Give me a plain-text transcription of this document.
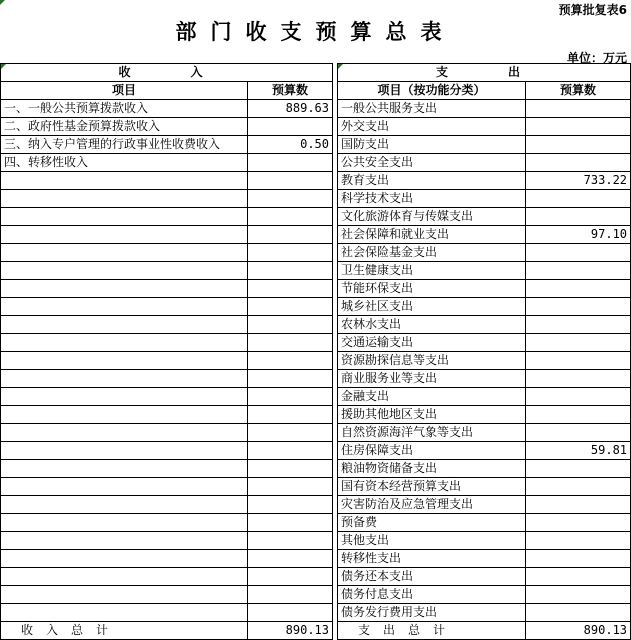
预算批复表6
部门收支预算总表
单位：万元
收　　入			支　　出	
项目	预算数		项目（按功能分类）	预算数
一、一般公共预算拨款收入	889.63		一般公共服务支出	
二、政府性基金预算拨款收入			外交支出	
三、纳入专户管理的行政事业性收费收入	0.50		国防支出	
四、转移性收入			公共安全支出	
			教育支出	733.22
			科学技术支出	
			文化旅游体育与传媒支出	
			社会保障和就业支出	97.10
			社会保险基金支出	
			卫生健康支出	
			节能环保支出	
			城乡社区支出	
			农林水支出	
			交通运输支出	
			资源勘探信息等支出	
			商业服务业等支出	
			金融支出	
			援助其他地区支出	
			自然资源海洋气象等支出	
			住房保障支出	59.81
			粮油物资储备支出	
			国有资本经营预算支出	
			灾害防治及应急管理支出	
			预备费	
			其他支出	
			转移性支出	
			债务还本支出	
			债务付息支出	
			债务发行费用支出	
收入总计	890.13		支出总计	890.13
